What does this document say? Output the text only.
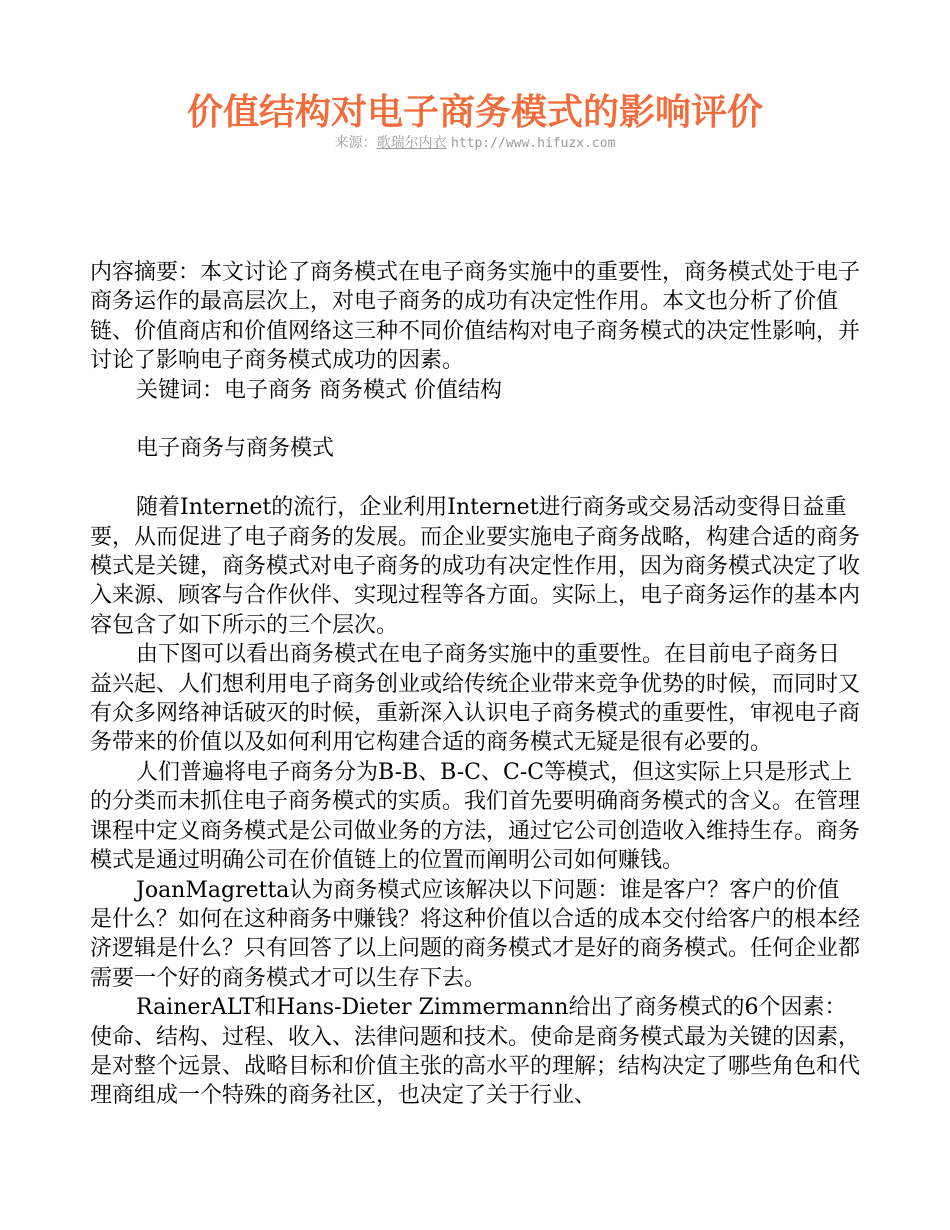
价值结构对电子商务模式的影响评价
来源：歌瑞尔内衣 http://www.hifuzx.com

内容摘要：本文讨论了商务模式在电子商务实施中的重要性，商务模式处于电子商务运作的最高层次上，对电子商务的成功有决定性作用。本文也分析了价值链、价值商店和价值网络这三种不同价值结构对电子商务模式的决定性影响，并讨论了影响电子商务模式成功的因素。

关键词：电子商务 商务模式 价值结构

电子商务与商务模式

随着Internet的流行，企业利用Internet进行商务或交易活动变得日益重要，从而促进了电子商务的发展。而企业要实施电子商务战略，构建合适的商务模式是关键，商务模式对电子商务的成功有决定性作用，因为商务模式决定了收入来源、顾客与合作伙伴、实现过程等各方面。实际上，电子商务运作的基本内容包含了如下所示的三个层次。

由下图可以看出商务模式在电子商务实施中的重要性。在目前电子商务日益兴起、人们想利用电子商务创业或给传统企业带来竞争优势的时候，而同时又有众多网络神话破灭的时候，重新深入认识电子商务模式的重要性，审视电子商务带来的价值以及如何利用它构建合适的商务模式无疑是很有必要的。

人们普遍将电子商务分为B-B、B-C、C-C等模式，但这实际上只是形式上的分类而未抓住电子商务模式的实质。我们首先要明确商务模式的含义。在管理课程中定义商务模式是公司做业务的方法，通过它公司创造收入维持生存。商务模式是通过明确公司在价值链上的位置而阐明公司如何赚钱。

JoanMagretta认为商务模式应该解决以下问题：谁是客户？客户的价值是什么？如何在这种商务中赚钱？将这种价值以合适的成本交付给客户的根本经济逻辑是什么？只有回答了以上问题的商务模式才是好的商务模式。任何企业都需要一个好的商务模式才可以生存下去。

RainerALT和Hans-Dieter Zimmermann给出了商务模式的6个因素：使命、结构、过程、收入、法律问题和技术。使命是商务模式最为关键的因素，是对整个远景、战略目标和价值主张的高水平的理解；结构决定了哪些角色和代理商组成一个特殊的商务社区，也决定了关于行业、
